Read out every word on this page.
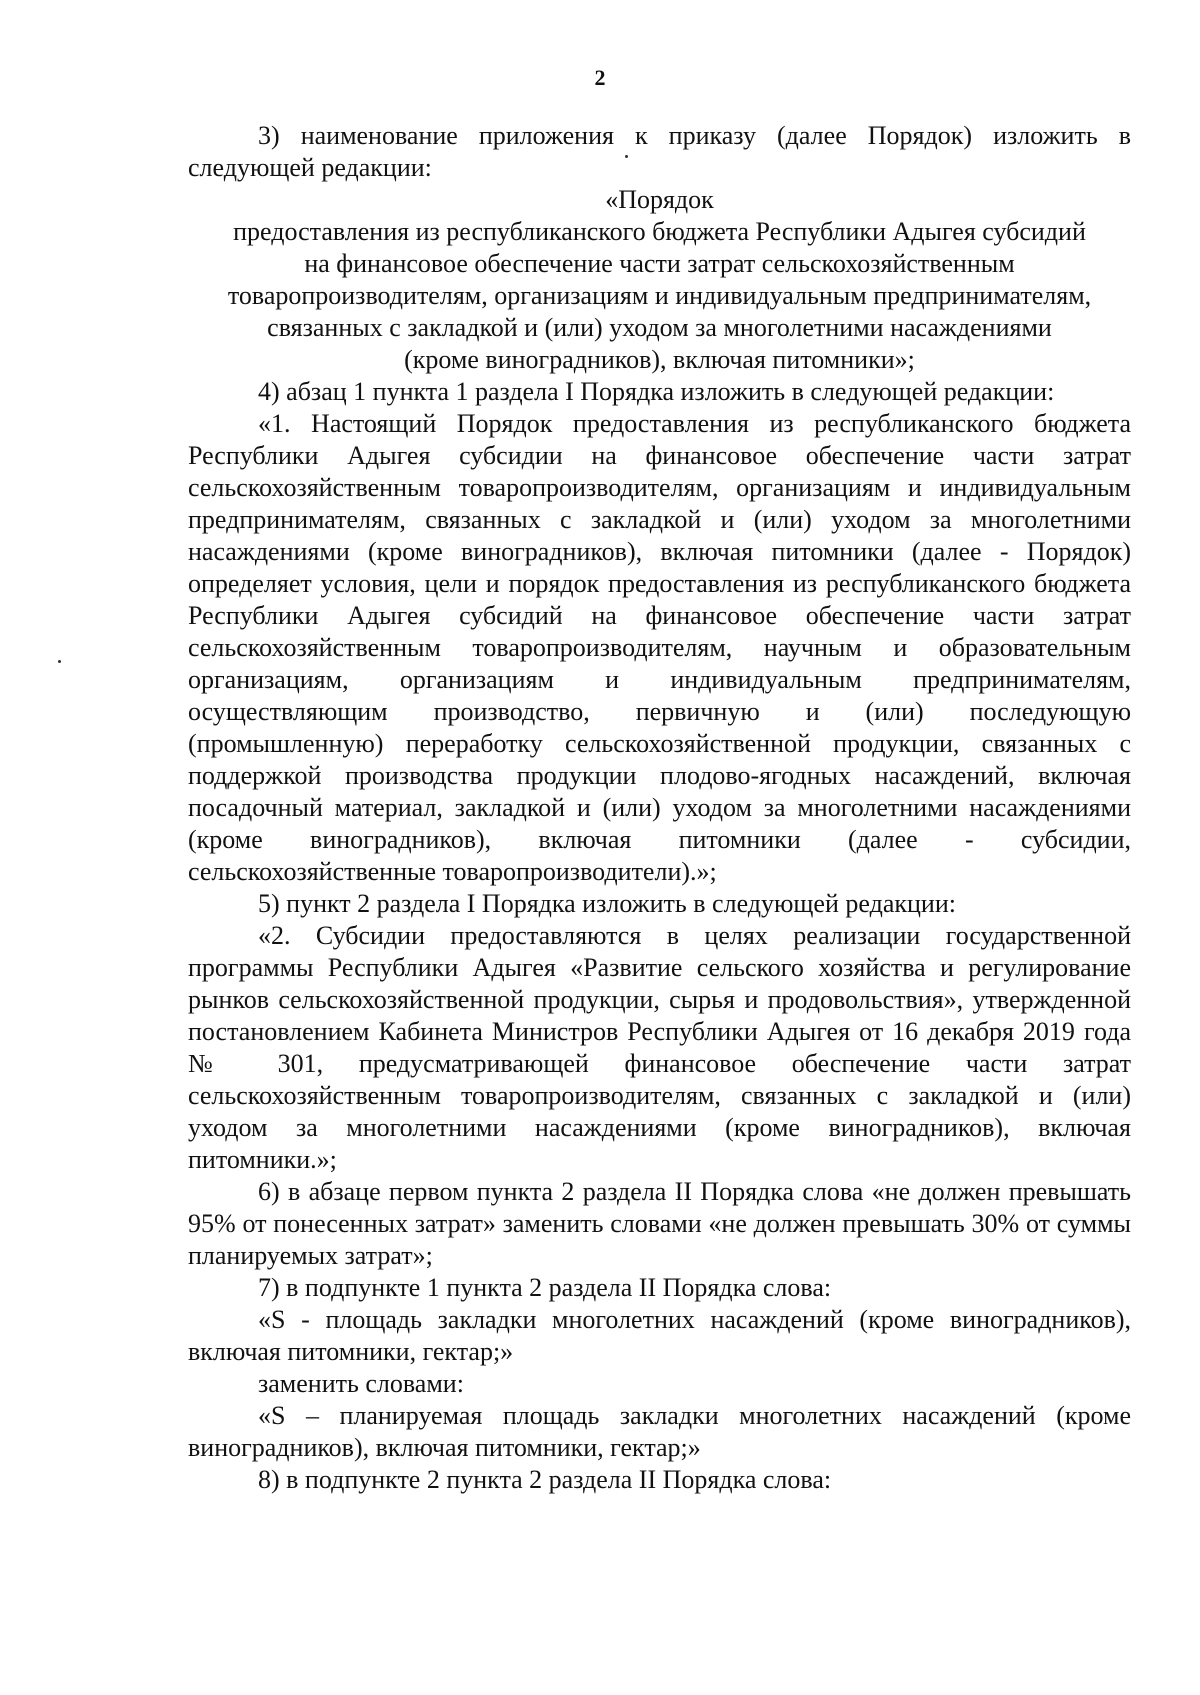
2

3) наименование приложения к приказу (далее Порядок) изложить в следующей редакции:

«Порядок

предоставления из республиканского бюджета Республики Адыгея субсидий

на финансовое обеспечение части затрат сельскохозяйственным

товаропроизводителям, организациям и индивидуальным предпринимателям,

связанных с закладкой и (или) уходом за многолетними насаждениями

(кроме виноградников), включая питомники»;

4) абзац 1 пункта 1 раздела I Порядка изложить в следующей редакции:

«1. Настоящий Порядок предоставления из республиканского бюджета Республики Адыгея субсидии на финансовое обеспечение части затрат сельскохозяйственным товаропроизводителям, организациям и индивидуальным предпринимателям, связанных с закладкой и (или) уходом за многолетними насаждениями (кроме виноградников), включая питомники (далее - Порядок) определяет условия, цели и порядок предоставления из республиканского бюджета Республики Адыгея субсидий на финансовое обеспечение части затрат сельскохозяйственным товаропроизводителям, научным и образовательным организациям, организациям и индивидуальным предпринимателям, осуществляющим производство, первичную и (или) последующую (промышленную) переработку сельскохозяйственной продукции, связанных с поддержкой производства продукции плодово-ягодных насаждений, включая посадочный материал, закладкой и (или) уходом за многолетними насаждениями (кроме виноградников), включая питомники (далее - субсидии, сельскохозяйственные товаропроизводители).»;

5) пункт 2 раздела I Порядка изложить в следующей редакции:

«2. Субсидии предоставляются в целях реализации государственной программы Республики Адыгея «Развитие сельского хозяйства и регулирование рынков сельскохозяйственной продукции, сырья и продовольствия», утвержденной постановлением Кабинета Министров Республики Адыгея от 16 декабря 2019 года № 301, предусматривающей финансовое обеспечение части затрат сельскохозяйственным товаропроизводителям, связанных с закладкой и (или) уходом за многолетними насаждениями (кроме виноградников), включая питомники.»;

6) в абзаце первом пункта 2 раздела II Порядка слова «не должен превышать 95% от понесенных затрат» заменить словами «не должен превышать 30% от суммы планируемых затрат»;

7) в подпункте 1 пункта 2 раздела II Порядка слова:

«S - площадь закладки многолетних насаждений (кроме виноградников), включая питомники, гектар;»

заменить словами:

«S – планируемая площадь закладки многолетних насаждений (кроме виноградников), включая питомники, гектар;»

8) в подпункте 2 пункта 2 раздела II Порядка слова:
